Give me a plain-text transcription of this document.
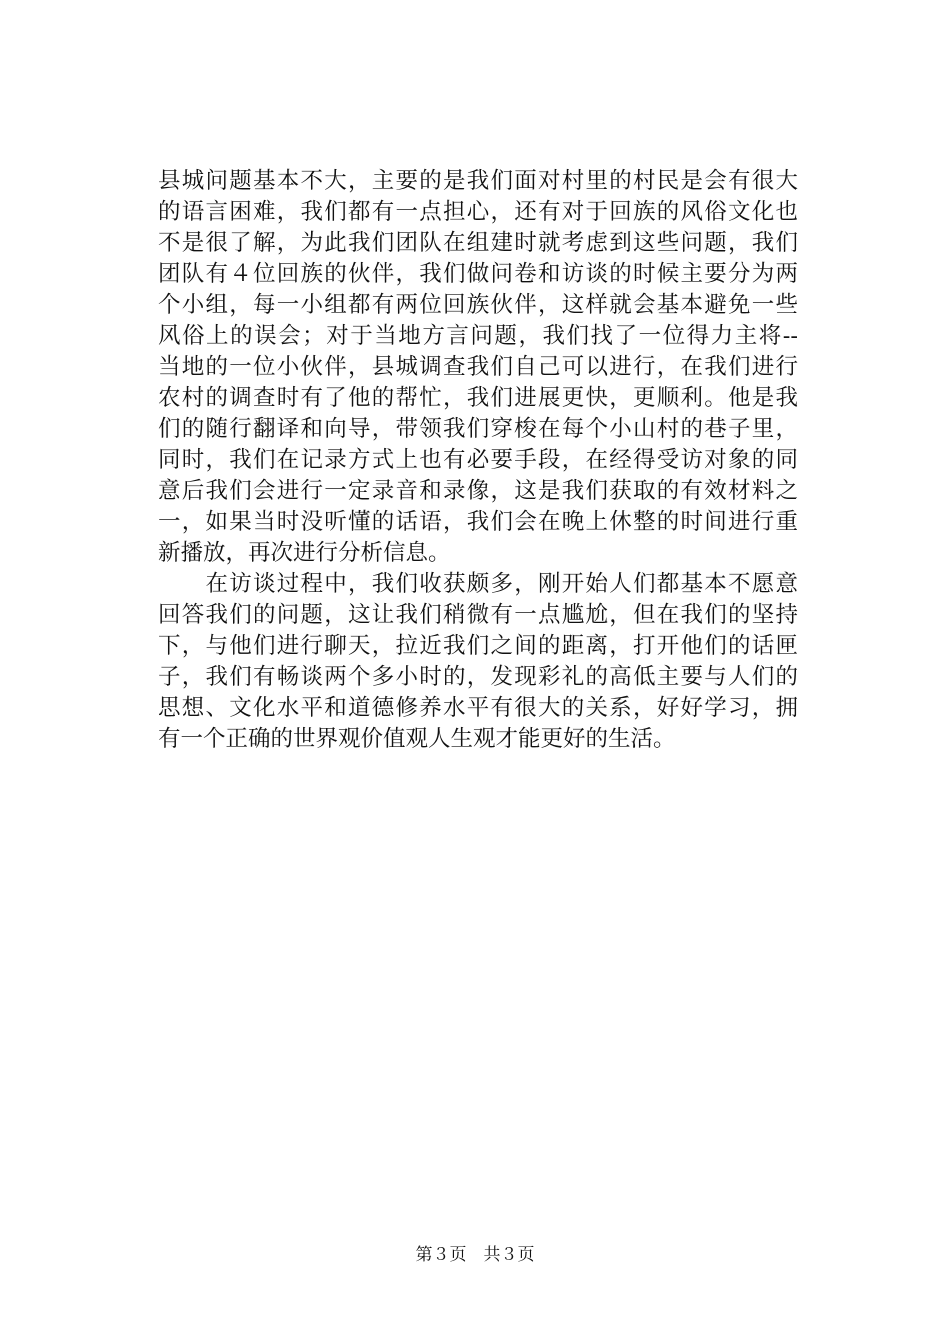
县城问题基本不大，主要的是我们面对村里的村民是会有很大
的语言困难，我们都有一点担心，还有对于回族的风俗文化也
不是很了解，为此我们团队在组建时就考虑到这些问题，我们
团队有４位回族的伙伴，我们做问卷和访谈的时候主要分为两
个小组，每一小组都有两位回族伙伴，这样就会基本避免一些
风俗上的误会；对于当地方言问题，我们找了一位得力主将--
当地的一位小伙伴，县城调查我们自己可以进行，在我们进行
农村的调查时有了他的帮忙，我们进展更快，更顺利。他是我
们的随行翻译和向导，带领我们穿梭在每个小山村的巷子里，
同时，我们在记录方式上也有必要手段，在经得受访对象的同
意后我们会进行一定录音和录像，这是我们获取的有效材料之
一，如果当时没听懂的话语，我们会在晚上休整的时间进行重
新播放，再次进行分析信息。
　　在访谈过程中，我们收获颇多，刚开始人们都基本不愿意
回答我们的问题，这让我们稍微有一点尴尬，但在我们的坚持
下，与他们进行聊天，拉近我们之间的距离，打开他们的话匣
子，我们有畅谈两个多小时的，发现彩礼的高低主要与人们的
思想、文化水平和道德修养水平有很大的关系，好好学习，拥
有一个正确的世界观价值观人生观才能更好的生活。
第３页　共３页
